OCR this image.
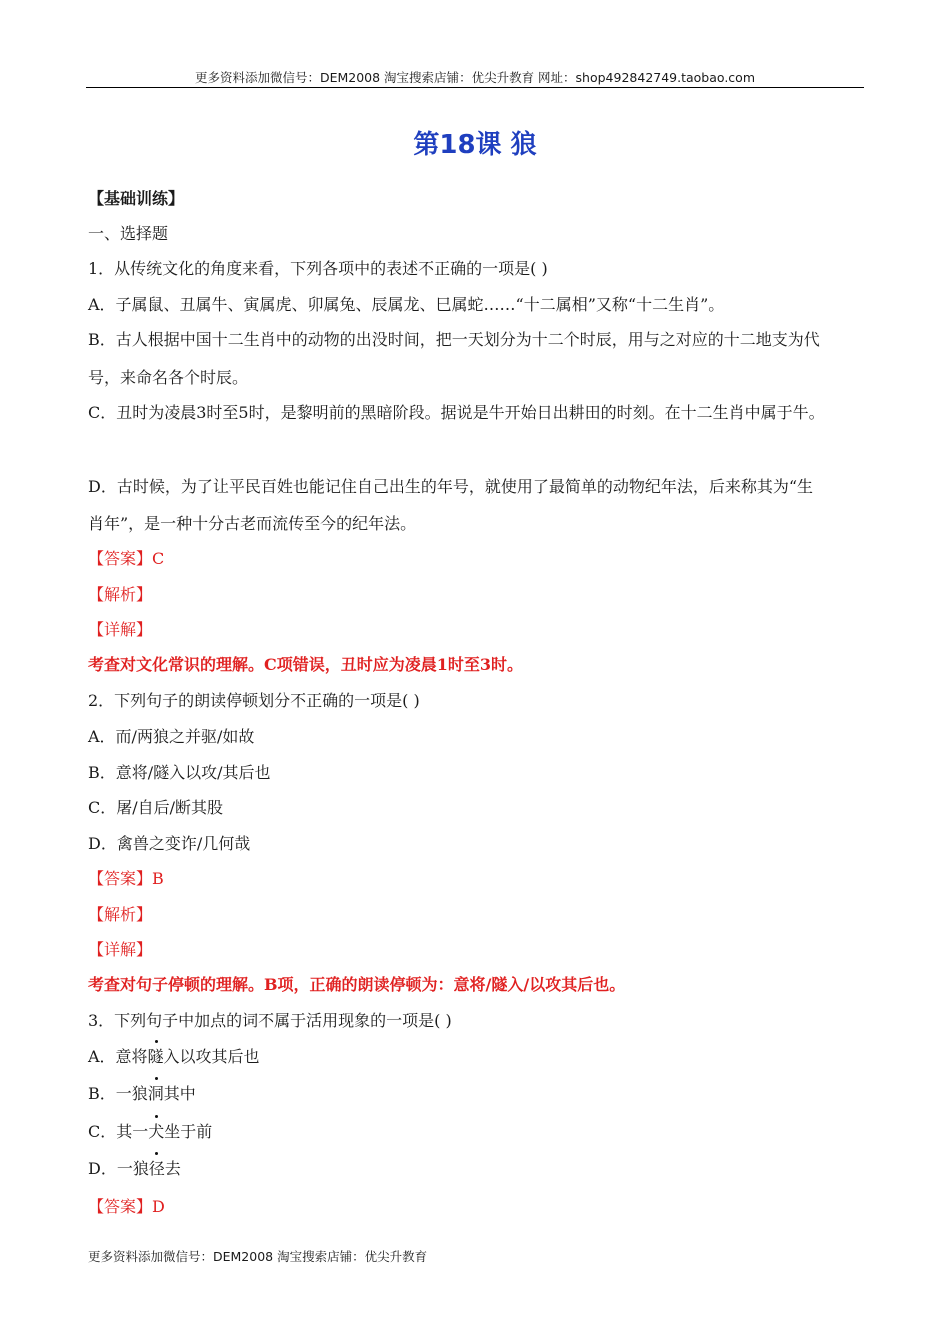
更多资料添加微信号：DEM2008 淘宝搜索店铺：优尖升教育 网址：shop492842749.taobao.com
第18课 狼
【基础训练】
一、选择题
1．从传统文化的角度来看，下列各项中的表述不正确的一项是( )
A．子属鼠、丑属牛、寅属虎、卯属兔、辰属龙、巳属蛇……“十二属相”又称“十二生肖”。
B．古人根据中国十二生肖中的动物的出没时间，把一天划分为十二个时辰，用与之对应的十二地支为代
号，来命名各个时辰。
C．丑时为凌晨3时至5时，是黎明前的黑暗阶段。据说是牛开始日出耕田的时刻。在十二生肖中属于牛。
D．古时候，为了让平民百姓也能记住自己出生的年号，就使用了最简单的动物纪年法，后来称其为“生
肖年”，是一种十分古老而流传至今的纪年法。
【答案】C
【解析】
【详解】
考查对文化常识的理解。C项错误，丑时应为凌晨1时至3时。
2．下列句子的朗读停顿划分不正确的一项是( )
A．而/两狼之并驱/如故
B．意将/隧入以攻/其后也
C．屠/自后/断其股
D．禽兽之变诈/几何哉
【答案】B
【解析】
【详解】
考查对句子停顿的理解。B项，正确的朗读停顿为：意将/隧入/以攻其后也。
3．下列句子中加点的词不属于活用现象的一项是( )
A．意将隧入以攻其后也
B．一狼洞其中
C．其一犬坐于前
D．一狼径去
【答案】D
更多资料添加微信号：DEM2008 淘宝搜索店铺：优尖升教育
